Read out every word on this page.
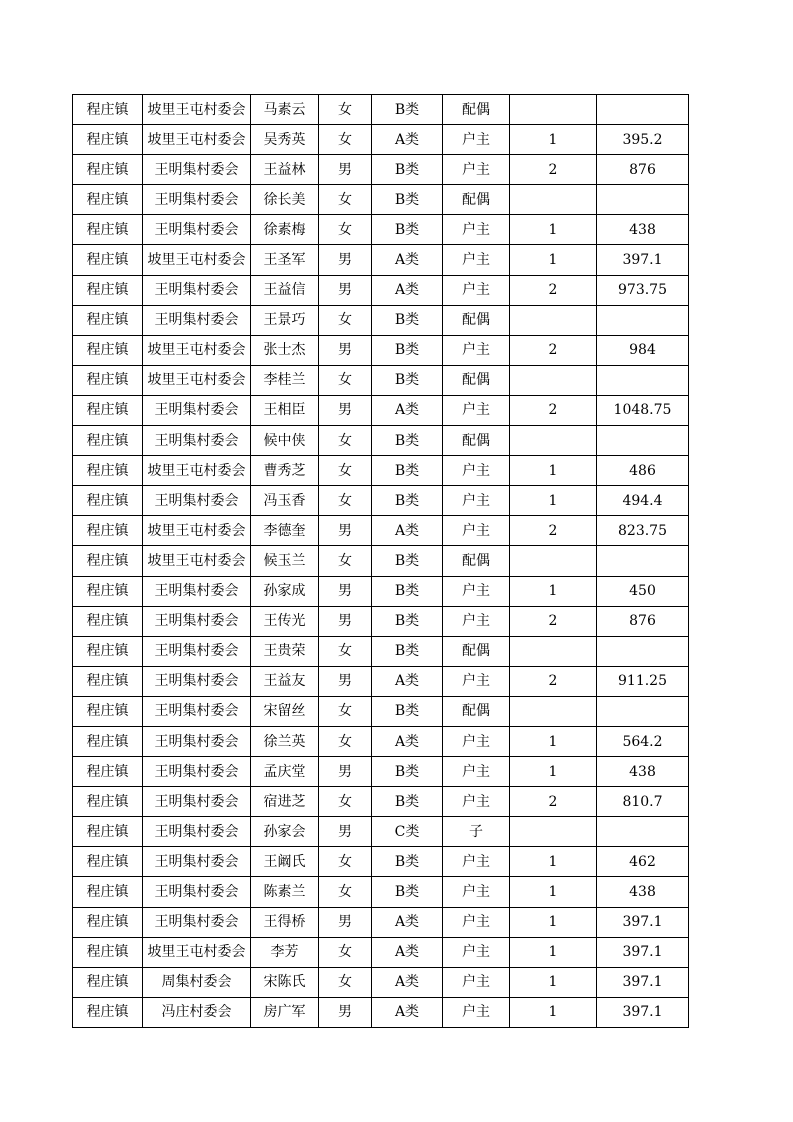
程庄镇	坡里王屯村委会	马素云	女	B类	配偶		
程庄镇	坡里王屯村委会	吴秀英	女	A类	户主	1	395.2
程庄镇	王明集村委会	王益林	男	B类	户主	2	876
程庄镇	王明集村委会	徐长美	女	B类	配偶		
程庄镇	王明集村委会	徐素梅	女	B类	户主	1	438
程庄镇	坡里王屯村委会	王圣军	男	A类	户主	1	397.1
程庄镇	王明集村委会	王益信	男	A类	户主	2	973.75
程庄镇	王明集村委会	王景巧	女	B类	配偶		
程庄镇	坡里王屯村委会	张士杰	男	B类	户主	2	984
程庄镇	坡里王屯村委会	李桂兰	女	B类	配偶		
程庄镇	王明集村委会	王相臣	男	A类	户主	2	1048.75
程庄镇	王明集村委会	候中侠	女	B类	配偶		
程庄镇	坡里王屯村委会	曹秀芝	女	B类	户主	1	486
程庄镇	王明集村委会	冯玉香	女	B类	户主	1	494.4
程庄镇	坡里王屯村委会	李德奎	男	A类	户主	2	823.75
程庄镇	坡里王屯村委会	候玉兰	女	B类	配偶		
程庄镇	王明集村委会	孙家成	男	B类	户主	1	450
程庄镇	王明集村委会	王传光	男	B类	户主	2	876
程庄镇	王明集村委会	王贵荣	女	B类	配偶		
程庄镇	王明集村委会	王益友	男	A类	户主	2	911.25
程庄镇	王明集村委会	宋留丝	女	B类	配偶		
程庄镇	王明集村委会	徐兰英	女	A类	户主	1	564.2
程庄镇	王明集村委会	孟庆堂	男	B类	户主	1	438
程庄镇	王明集村委会	宿进芝	女	B类	户主	2	810.7
程庄镇	王明集村委会	孙家会	男	C类	子		
程庄镇	王明集村委会	王阚氏	女	B类	户主	1	462
程庄镇	王明集村委会	陈素兰	女	B类	户主	1	438
程庄镇	王明集村委会	王得桥	男	A类	户主	1	397.1
程庄镇	坡里王屯村委会	李芳	女	A类	户主	1	397.1
程庄镇	周集村委会	宋陈氏	女	A类	户主	1	397.1
程庄镇	冯庄村委会	房广军	男	A类	户主	1	397.1
